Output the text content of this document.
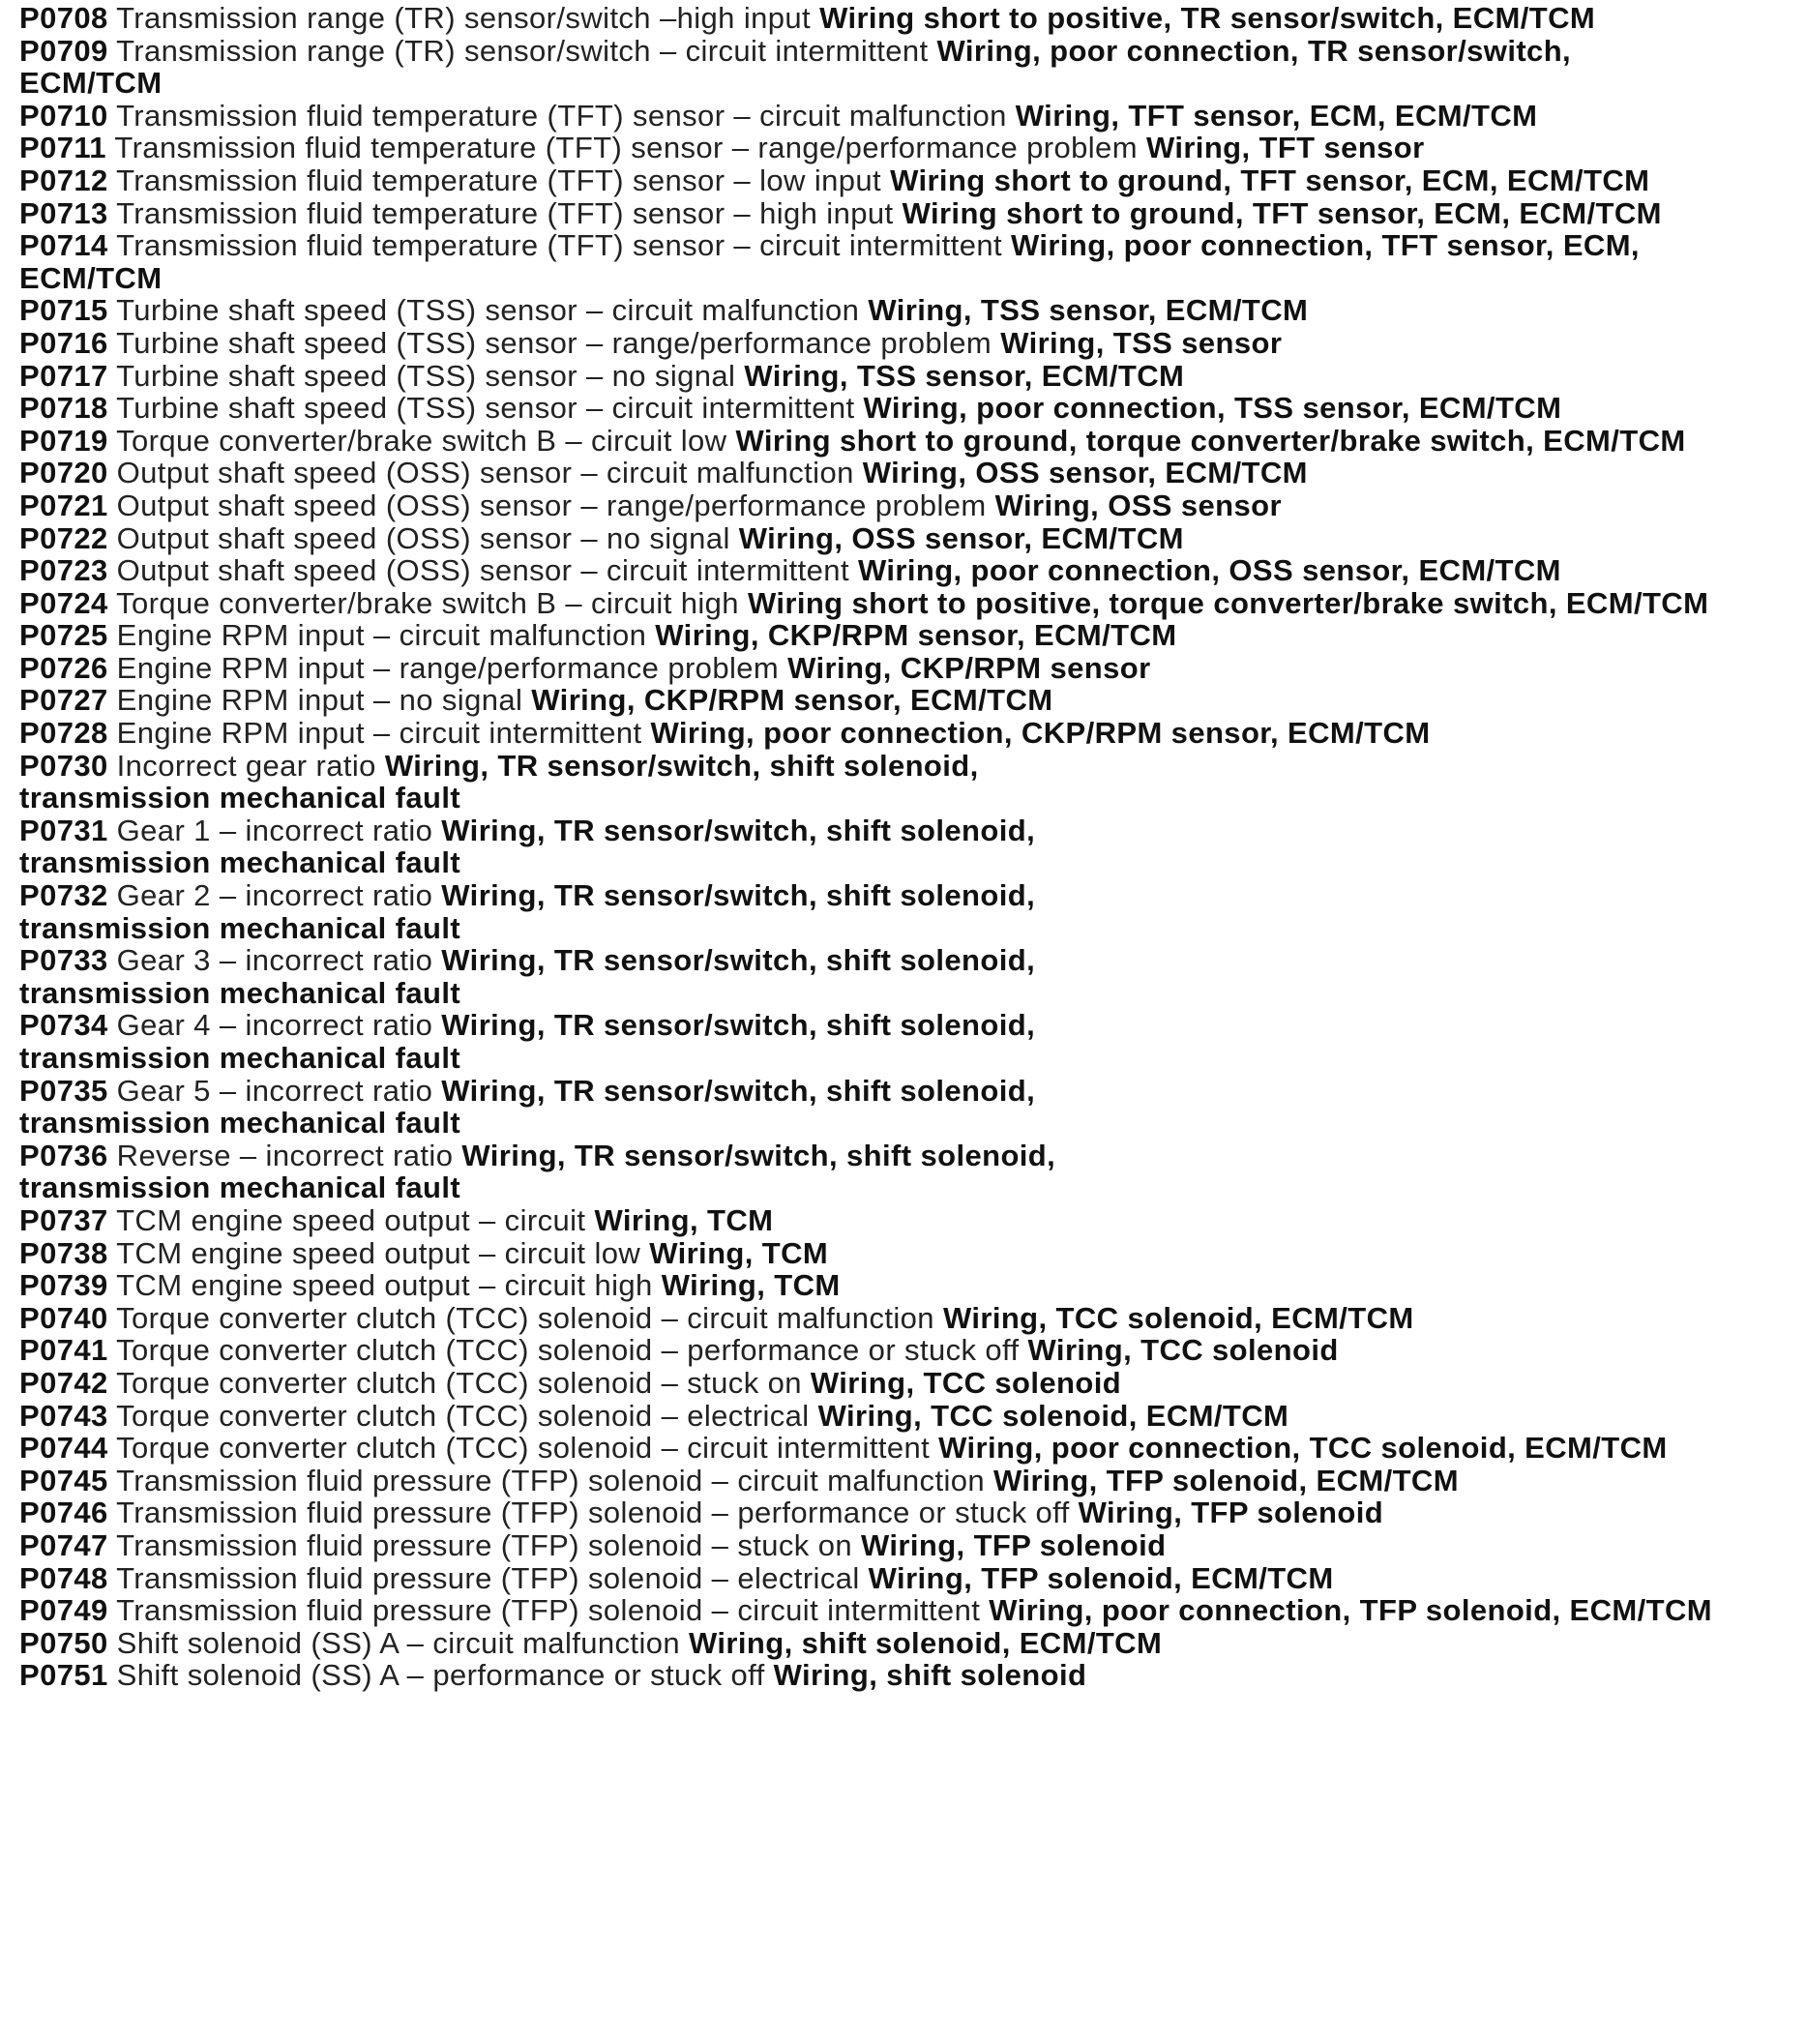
P0708 Transmission range (TR) sensor/switch –high input Wiring short to positive, TR sensor/switch, ECM/TCM

P0709 Transmission range (TR) sensor/switch – circuit intermittent Wiring, poor connection, TR sensor/switch, ECM/TCM

P0710 Transmission fluid temperature (TFT) sensor – circuit malfunction Wiring, TFT sensor, ECM, ECM/TCM

P0711 Transmission fluid temperature (TFT) sensor – range/performance problem Wiring, TFT sensor

P0712 Transmission fluid temperature (TFT) sensor – low input Wiring short to ground, TFT sensor, ECM, ECM/TCM

P0713 Transmission fluid temperature (TFT) sensor – high input Wiring short to ground, TFT sensor, ECM, ECM/TCM

P0714 Transmission fluid temperature (TFT) sensor – circuit intermittent Wiring, poor connection, TFT sensor, ECM, ECM/TCM

P0715 Turbine shaft speed (TSS) sensor – circuit malfunction Wiring, TSS sensor, ECM/TCM

P0716 Turbine shaft speed (TSS) sensor – range/performance problem Wiring, TSS sensor

P0717 Turbine shaft speed (TSS) sensor – no signal Wiring, TSS sensor, ECM/TCM

P0718 Turbine shaft speed (TSS) sensor – circuit intermittent Wiring, poor connection, TSS sensor, ECM/TCM

P0719 Torque converter/brake switch B – circuit low Wiring short to ground, torque converter/brake switch, ECM/TCM

P0720 Output shaft speed (OSS) sensor – circuit malfunction Wiring, OSS sensor, ECM/TCM

P0721 Output shaft speed (OSS) sensor – range/performance problem Wiring, OSS sensor

P0722 Output shaft speed (OSS) sensor – no signal Wiring, OSS sensor, ECM/TCM

P0723 Output shaft speed (OSS) sensor – circuit intermittent Wiring, poor connection, OSS sensor, ECM/TCM

P0724 Torque converter/brake switch B – circuit high Wiring short to positive, torque converter/brake switch, ECM/TCM

P0725 Engine RPM input – circuit malfunction Wiring, CKP/RPM sensor, ECM/TCM

P0726 Engine RPM input – range/performance problem Wiring, CKP/RPM sensor

P0727 Engine RPM input – no signal Wiring, CKP/RPM sensor, ECM/TCM

P0728 Engine RPM input – circuit intermittent Wiring, poor connection, CKP/RPM sensor, ECM/TCM

P0730 Incorrect gear ratio Wiring, TR sensor/switch, shift solenoid,
transmission mechanical fault

P0731 Gear 1 – incorrect ratio Wiring, TR sensor/switch, shift solenoid,
transmission mechanical fault

P0732 Gear 2 – incorrect ratio Wiring, TR sensor/switch, shift solenoid,
transmission mechanical fault

P0733 Gear 3 – incorrect ratio Wiring, TR sensor/switch, shift solenoid,
transmission mechanical fault

P0734 Gear 4 – incorrect ratio Wiring, TR sensor/switch, shift solenoid,
transmission mechanical fault

P0735 Gear 5 – incorrect ratio Wiring, TR sensor/switch, shift solenoid,
transmission mechanical fault

P0736 Reverse – incorrect ratio Wiring, TR sensor/switch, shift solenoid,
transmission mechanical fault

P0737 TCM engine speed output – circuit Wiring, TCM

P0738 TCM engine speed output – circuit low Wiring, TCM

P0739 TCM engine speed output – circuit high Wiring, TCM

P0740 Torque converter clutch (TCC) solenoid – circuit malfunction Wiring, TCC solenoid, ECM/TCM

P0741 Torque converter clutch (TCC) solenoid – performance or stuck off Wiring, TCC solenoid

P0742 Torque converter clutch (TCC) solenoid – stuck on Wiring, TCC solenoid

P0743 Torque converter clutch (TCC) solenoid – electrical Wiring, TCC solenoid, ECM/TCM

P0744 Torque converter clutch (TCC) solenoid – circuit intermittent Wiring, poor connection, TCC solenoid, ECM/TCM

P0745 Transmission fluid pressure (TFP) solenoid – circuit malfunction Wiring, TFP solenoid, ECM/TCM

P0746 Transmission fluid pressure (TFP) solenoid – performance or stuck off Wiring, TFP solenoid

P0747 Transmission fluid pressure (TFP) solenoid – stuck on Wiring, TFP solenoid

P0748 Transmission fluid pressure (TFP) solenoid – electrical Wiring, TFP solenoid, ECM/TCM

P0749 Transmission fluid pressure (TFP) solenoid – circuit intermittent Wiring, poor connection, TFP solenoid, ECM/TCM

P0750 Shift solenoid (SS) A – circuit malfunction Wiring, shift solenoid, ECM/TCM

P0751 Shift solenoid (SS) A – performance or stuck off Wiring, shift solenoid
